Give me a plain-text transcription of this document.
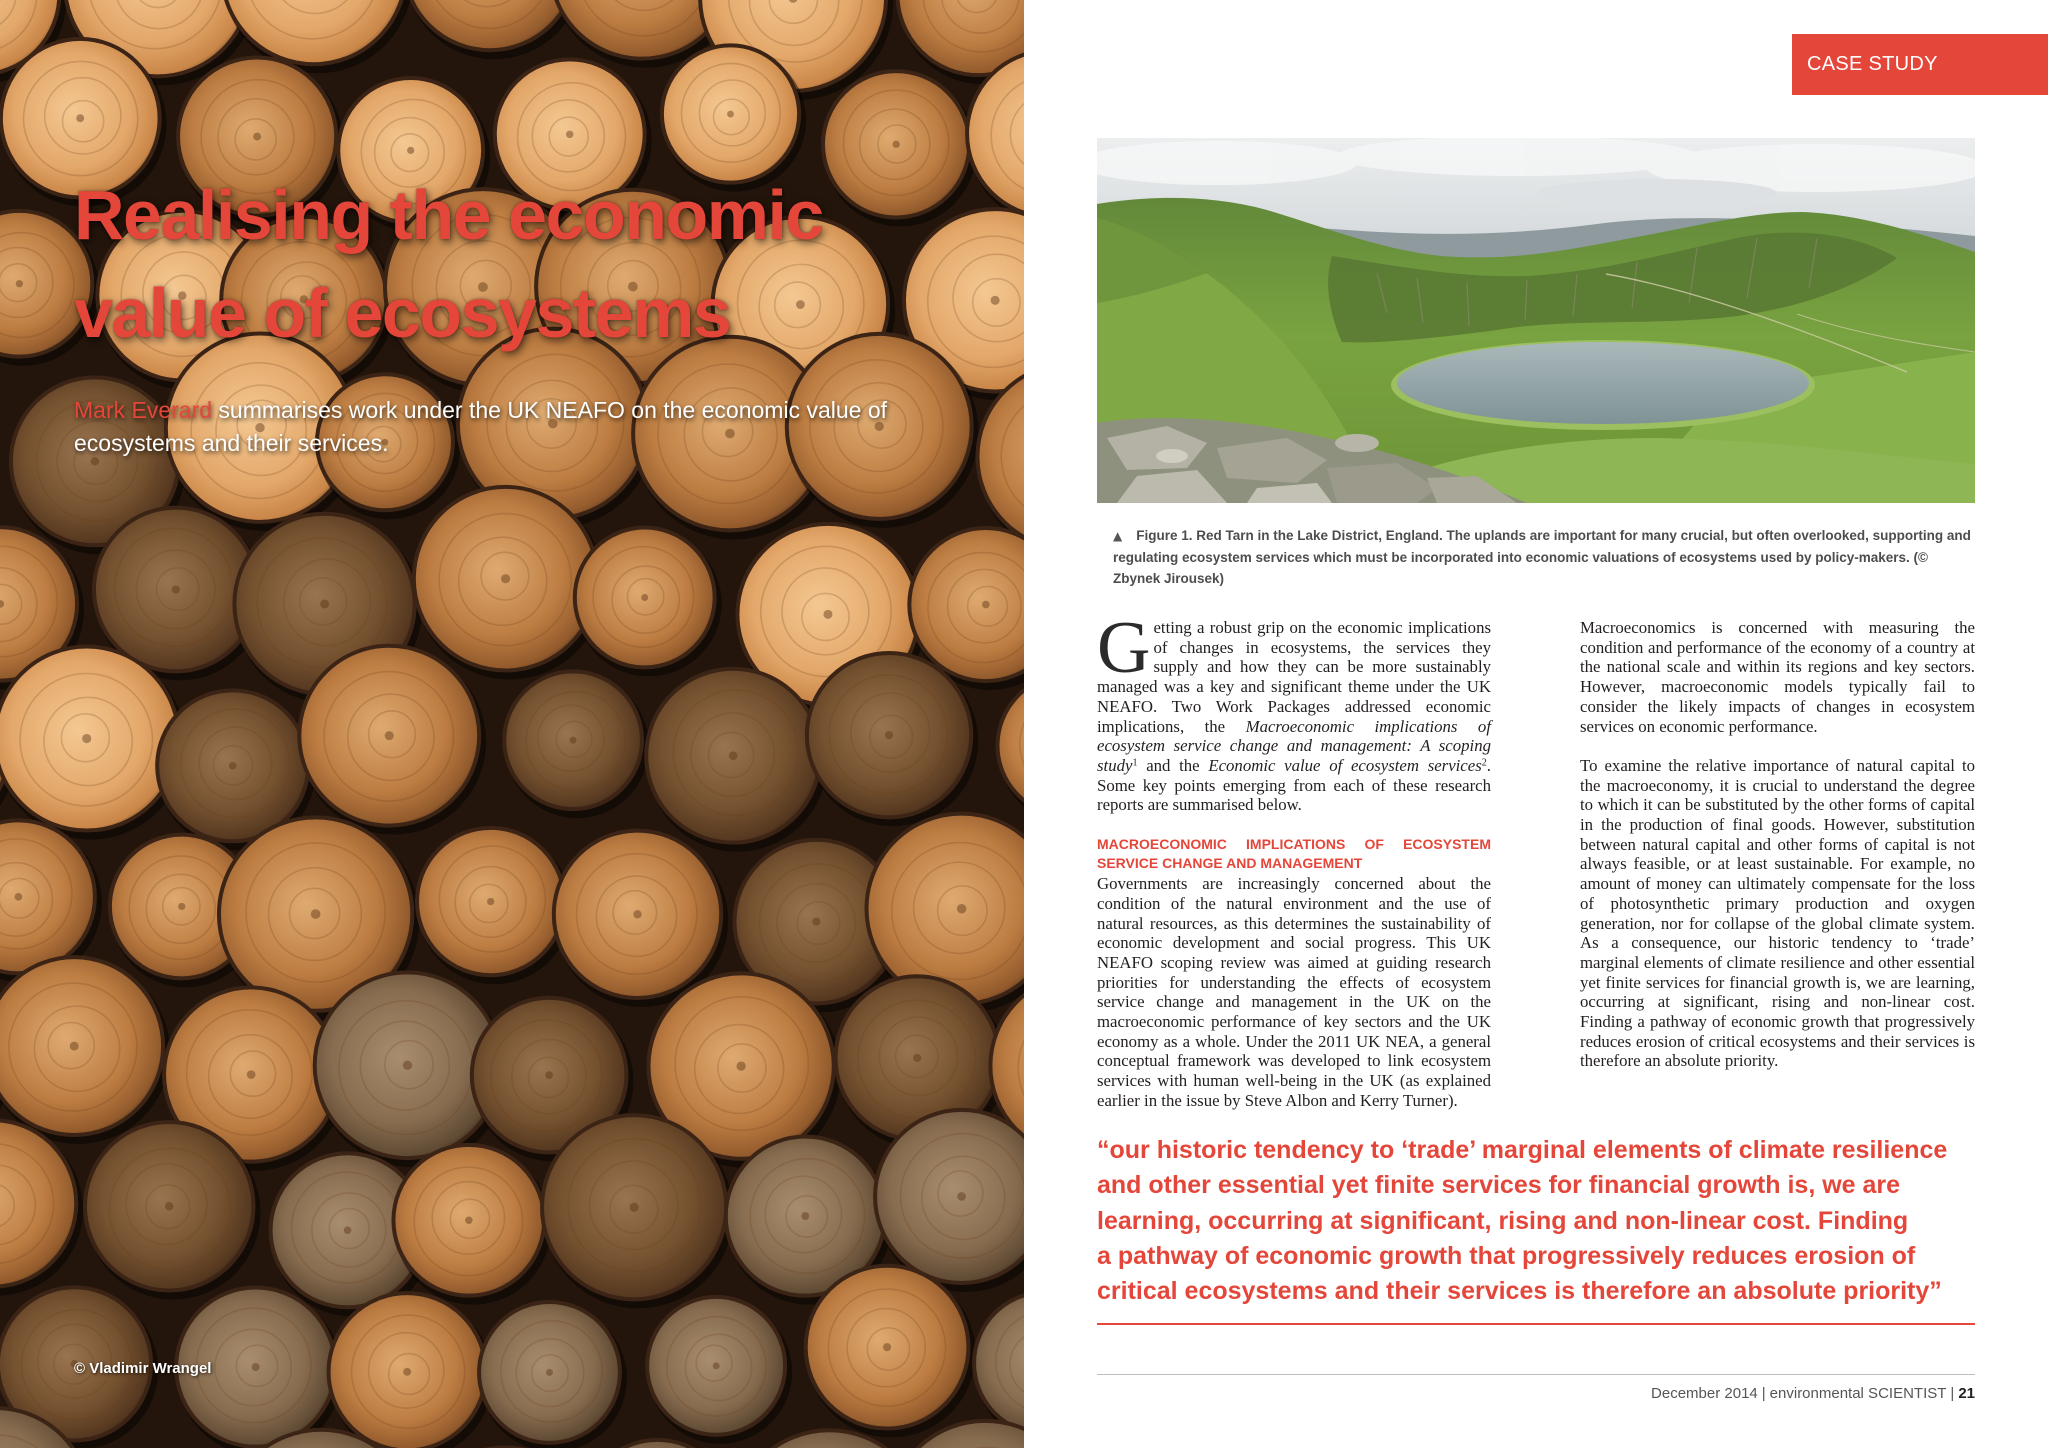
Realising the economic value of ecosystems

Mark Everard summarises work under the UK NEAFO on the economic value of ecosystems and their services.

© Vladimir Wrangel
CASE STUDY

▲ Figure 1. Red Tarn in the Lake District, England. The uplands are important for many crucial, but often overlooked, supporting and regulating ecosystem services which must be incorporated into economic valuations of ecosystems used by policy-makers. (© Zbynek Jirousek)

Getting a robust grip on the economic implications of changes in ecosystems, the services they supply and how they can be more sustainably managed was a key and significant theme under the UK NEAFO. Two Work Packages addressed economic implications, the Macroeconomic implications of ecosystem service change and management: A scoping study$^1$ and the Economic value of ecosystem services$^2$. Some key points emerging from each of these research reports are summarised below.

MACROECONOMIC IMPLICATIONS OF ECOSYSTEM SERVICE CHANGE AND MANAGEMENT

Governments are increasingly concerned about the condition of the natural environment and the use of natural resources, as this determines the sustainability of economic development and social progress. This UK NEAFO scoping review was aimed at guiding research priorities for understanding the effects of ecosystem service change and management in the UK on the macroeconomic performance of key sectors and the UK economy as a whole. Under the 2011 UK NEA, a general conceptual framework was developed to link ecosystem services with human well-being in the UK (as explained earlier in the issue by Steve Albon and Kerry Turner).

Macroeconomics is concerned with measuring the condition and performance of the economy of a country at the national scale and within its regions and key sectors. However, macroeconomic models typically fail to consider the likely impacts of changes in ecosystem services on economic performance.

To examine the relative importance of natural capital to the macroeconomy, it is crucial to understand the degree to which it can be substituted by the other forms of capital in the production of final goods. However, substitution between natural capital and other forms of capital is not always feasible, or at least sustainable. For example, no amount of money can ultimately compensate for the loss of photosynthetic primary production and oxygen generation, nor for collapse of the global climate system. As a consequence, our historic tendency to ‘trade’ marginal elements of climate resilience and other essential yet finite services for financial growth is, we are learning, occurring at significant, rising and non-linear cost. Finding a pathway of economic growth that progressively reduces erosion of critical ecosystems and their services is therefore an absolute priority.

“our historic tendency to ‘trade’ marginal elements of climate resilience
and other essential yet finite services for financial growth is, we are
learning, occurring at significant, rising and non-linear cost. Finding
a pathway of economic growth that progressively reduces erosion of
critical ecosystems and their services is therefore an absolute priority”
December 2014 | environmental SCIENTIST | 21
